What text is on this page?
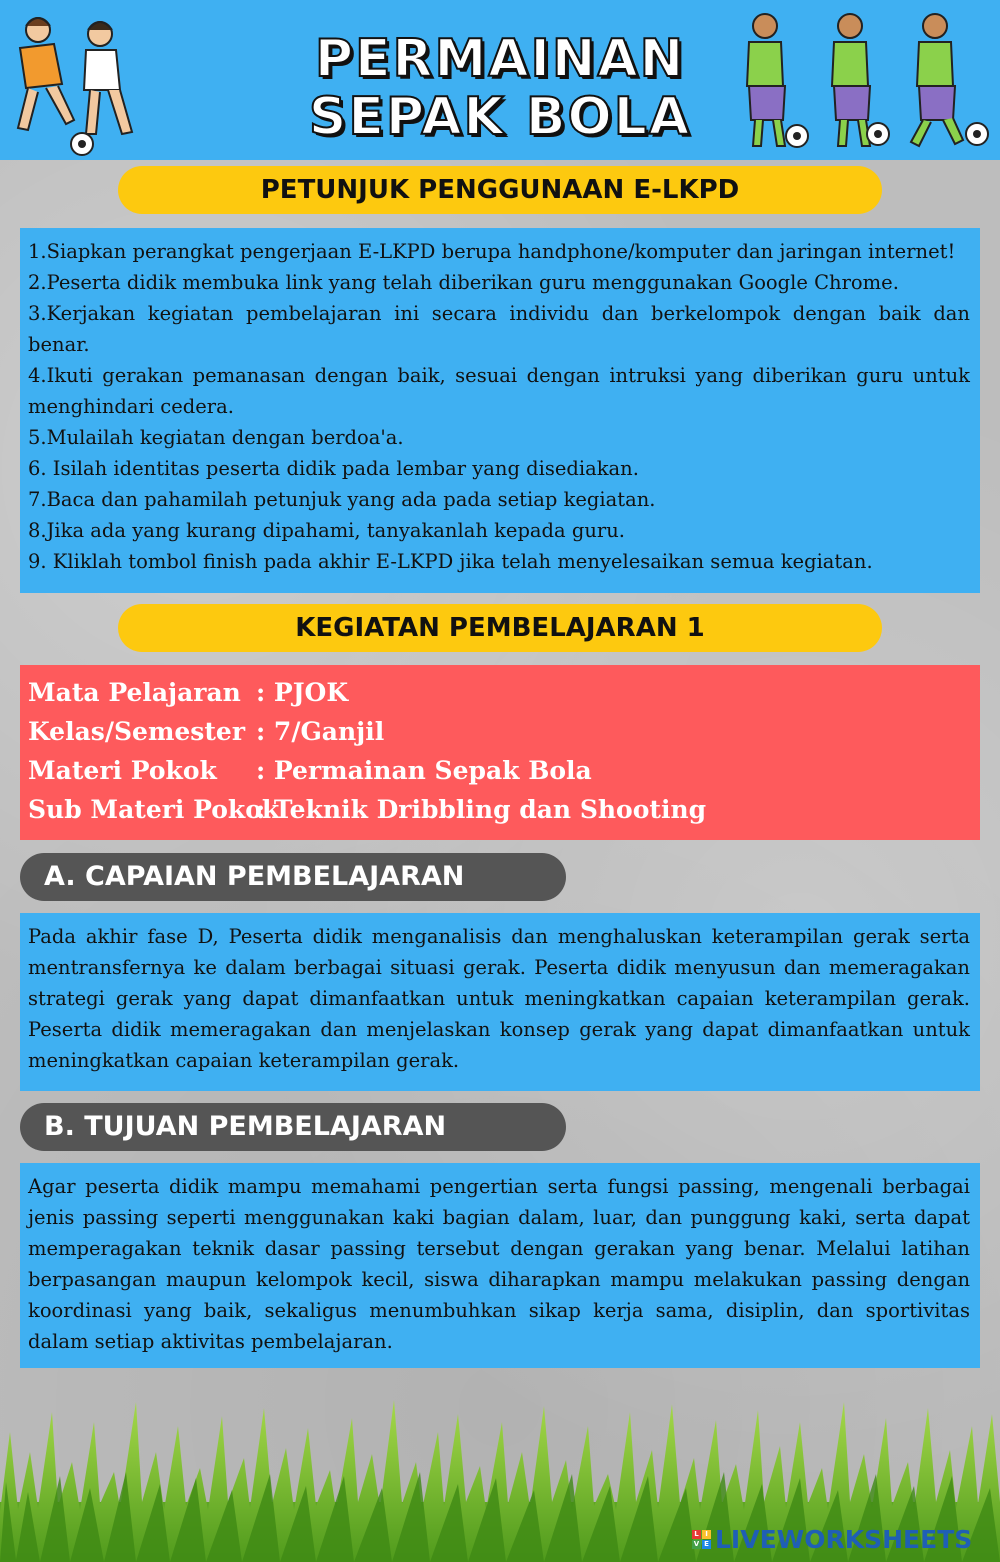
PERMAINAN
SEPAK BOLA
PETUNJUK PENGGUNAAN E-LKPD
1.Siapkan perangkat pengerjaan E-LKPD berupa handphone/komputer dan jaringan internet!
2.Peserta didik membuka link yang telah diberikan guru menggunakan Google Chrome.
3.Kerjakan kegiatan pembelajaran ini secara individu dan berkelompok dengan baik dan benar.
4.Ikuti gerakan pemanasan dengan baik, sesuai dengan intruksi yang diberikan guru untuk menghindari cedera.
5.Mulailah kegiatan dengan berdoa'a.
6. Isilah identitas peserta didik pada lembar yang disediakan.
7.Baca dan pahamilah petunjuk yang ada pada setiap kegiatan.
8.Jika ada yang kurang dipahami, tanyakanlah kepada guru.
9. Kliklah tombol finish pada akhir E-LKPD jika telah menyelesaikan semua kegiatan.
KEGIATAN PEMBELAJARAN 1
Mata Pelajaran : PJOK
Kelas/Semester : 7/Ganjil
Materi Pokok	: Permainan Sepak Bola
Sub Materi Pokok
: Teknik Dribbling dan Shooting
A. CAPAIAN PEMBELAJARAN
Pada akhir fase D, Peserta didik menganalisis dan menghaluskan keterampilan gerak serta mentransfernya ke dalam berbagai situasi gerak. Peserta didik menyusun dan memeragakan strategi gerak yang dapat dimanfaatkan untuk meningkatkan capaian keterampilan gerak. Peserta didik memeragakan dan menjelaskan konsep gerak yang dapat dimanfaatkan untuk meningkatkan capaian keterampilan gerak.
B. TUJUAN PEMBELAJARAN
Agar peserta didik mampu memahami pengertian serta fungsi passing, mengenali berbagai jenis passing seperti menggunakan kaki bagian dalam, luar, dan punggung kaki, serta dapat memperagakan teknik dasar passing tersebut dengan gerakan yang benar. Melalui latihan berpasangan maupun kelompok kecil, siswa diharapkan mampu melakukan passing dengan koordinasi yang baik, sekaligus menumbuhkan sikap kerja sama, disiplin, dan sportivitas dalam setiap aktivitas pembelajaran.
L I
V E LIVEWORKSHEETS
